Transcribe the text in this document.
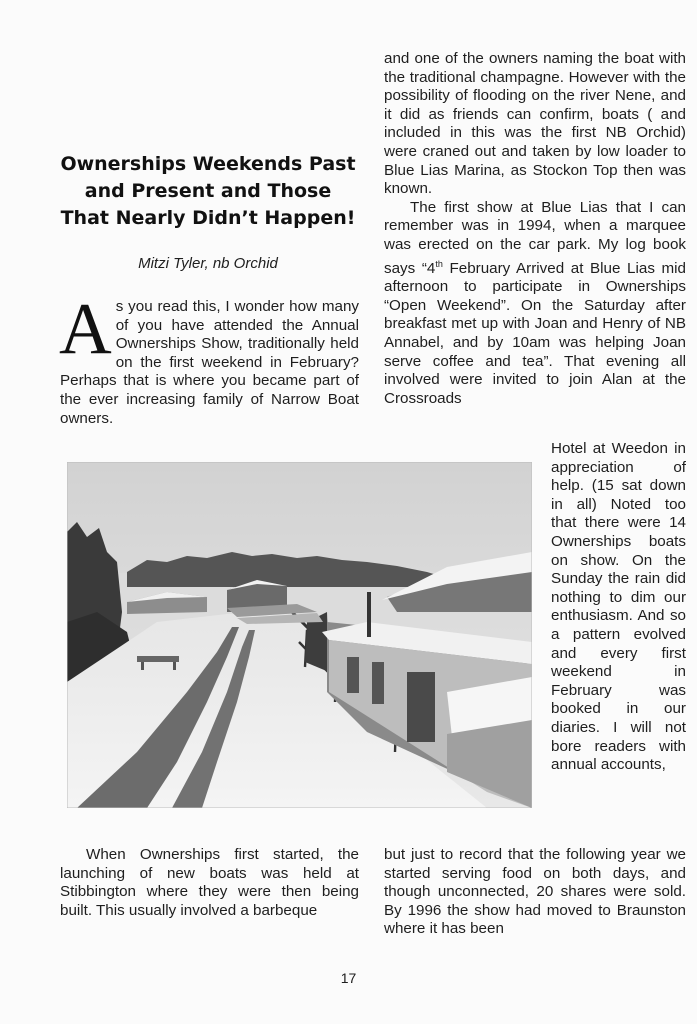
Ownerships Weekends Past and Present and Those That Nearly Didn’t Happen!
Mitzi Tyler, nb Orchid

As you read this, I wonder how many of you have attended the Annual Ownerships Show, traditionally held on the first weekend in February? Perhaps that is where you became part of the ever increasing family of Narrow Boat owners.

When Ownerships first started, the launching of new boats was held at Stibbington where they were then being built. This usually involved a barbeque

and one of the owners naming the boat with the traditional champagne. However with the possibility of flooding on the river Nene, and it did as friends can confirm, boats ( and included in this was the first NB Orchid) were craned out and taken by low loader to Blue Lias Marina, as Stockon Top then was known.

The first show at Blue Lias that I can remember was in 1994, when a marquee was erected on the car park. My log book says “4th February Arrived at Blue Lias mid afternoon to participate in Ownerships “Open Weekend”. On the Saturday after breakfast met up with Joan and Henry of NB Annabel, and by 10am was helping Joan serve coffee and tea”. That evening all involved were invited to join Alan at the Crossroads

Hotel at Weedon in appreciation of help. (15 sat down in all) Noted too that there were 14 Ownerships boats on show. On the Sunday the rain did nothing to dim our enthusiasm. And so a pattern evolved and every first weekend in February was booked in our diaries. I will not bore readers with annual accounts,

but just to record that the following year we started serving food on both days, and though unconnected, 20 shares were sold. By 1996 the show had moved to Braunston where it has been

17
